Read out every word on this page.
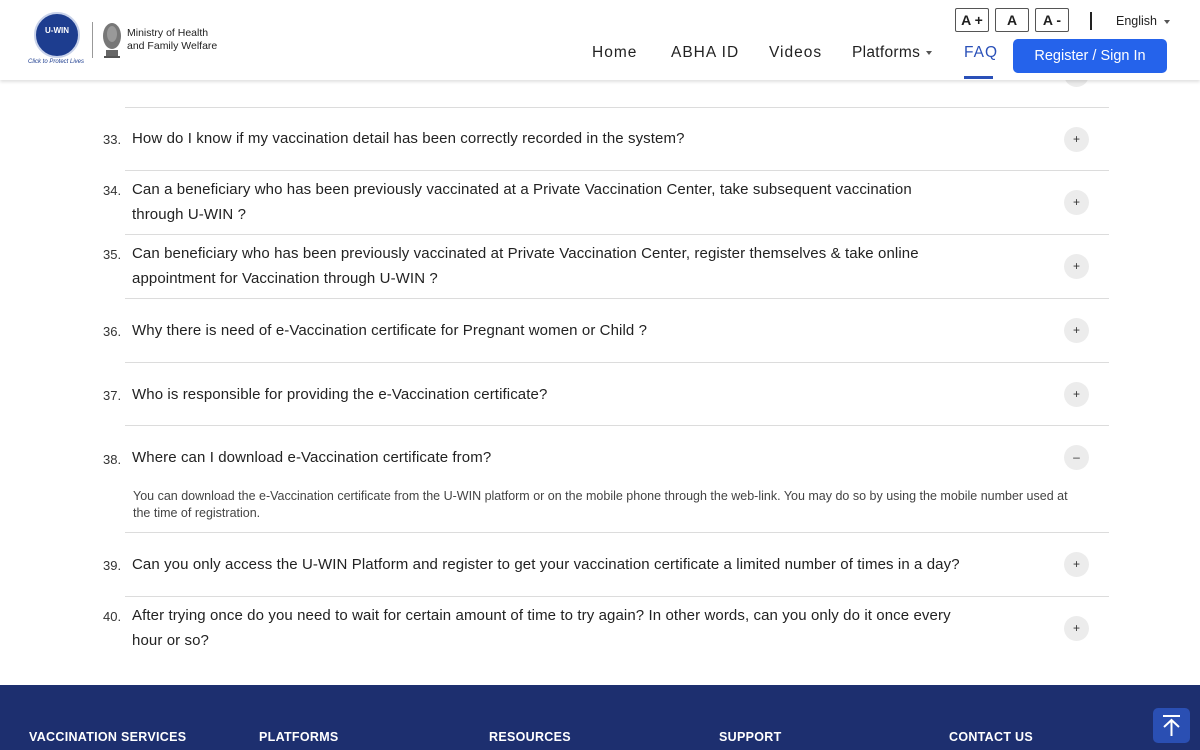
33. How do I know if my vaccination detail has been correctly recorded in the system?	+
34. Can a beneficiary who has been previously vaccinated at a Private Vaccination Center, take subsequent vaccination through U-WIN ?
+
35. Can beneficiary who has been previously vaccinated at Private Vaccination Center, register themselves & take online appointment for Vaccination through U-WIN ?
+
36. Why there is need of e-Vaccination certificate for Pregnant women or Child ?	+
37. Who is responsible for providing the e-Vaccination certificate?	+
38. Where can I download e-Vaccination certificate from?	–
You can download the e-Vaccination certificate from the U-WIN platform or on the mobile phone through the web-link. You may do so by using the mobile number used at the time of registration.
39. Can you only access the U-WIN Platform and register to get your vaccination certificate a limited number of times in a day?	+
40. After trying once do you need to wait for certain amount of time to try again? In other words, can you only do it once every hour or so?
+
U-WIN
Click to Protect Lives
Ministry of Health
and Family Welfare	Home ABHA ID Videos Platforms	FAQ
A +	A	A -	English
Register / Sign In
VACCINATION SERVICES	PLATFORMS	RESOURCES	SUPPORT	CONTACT US
